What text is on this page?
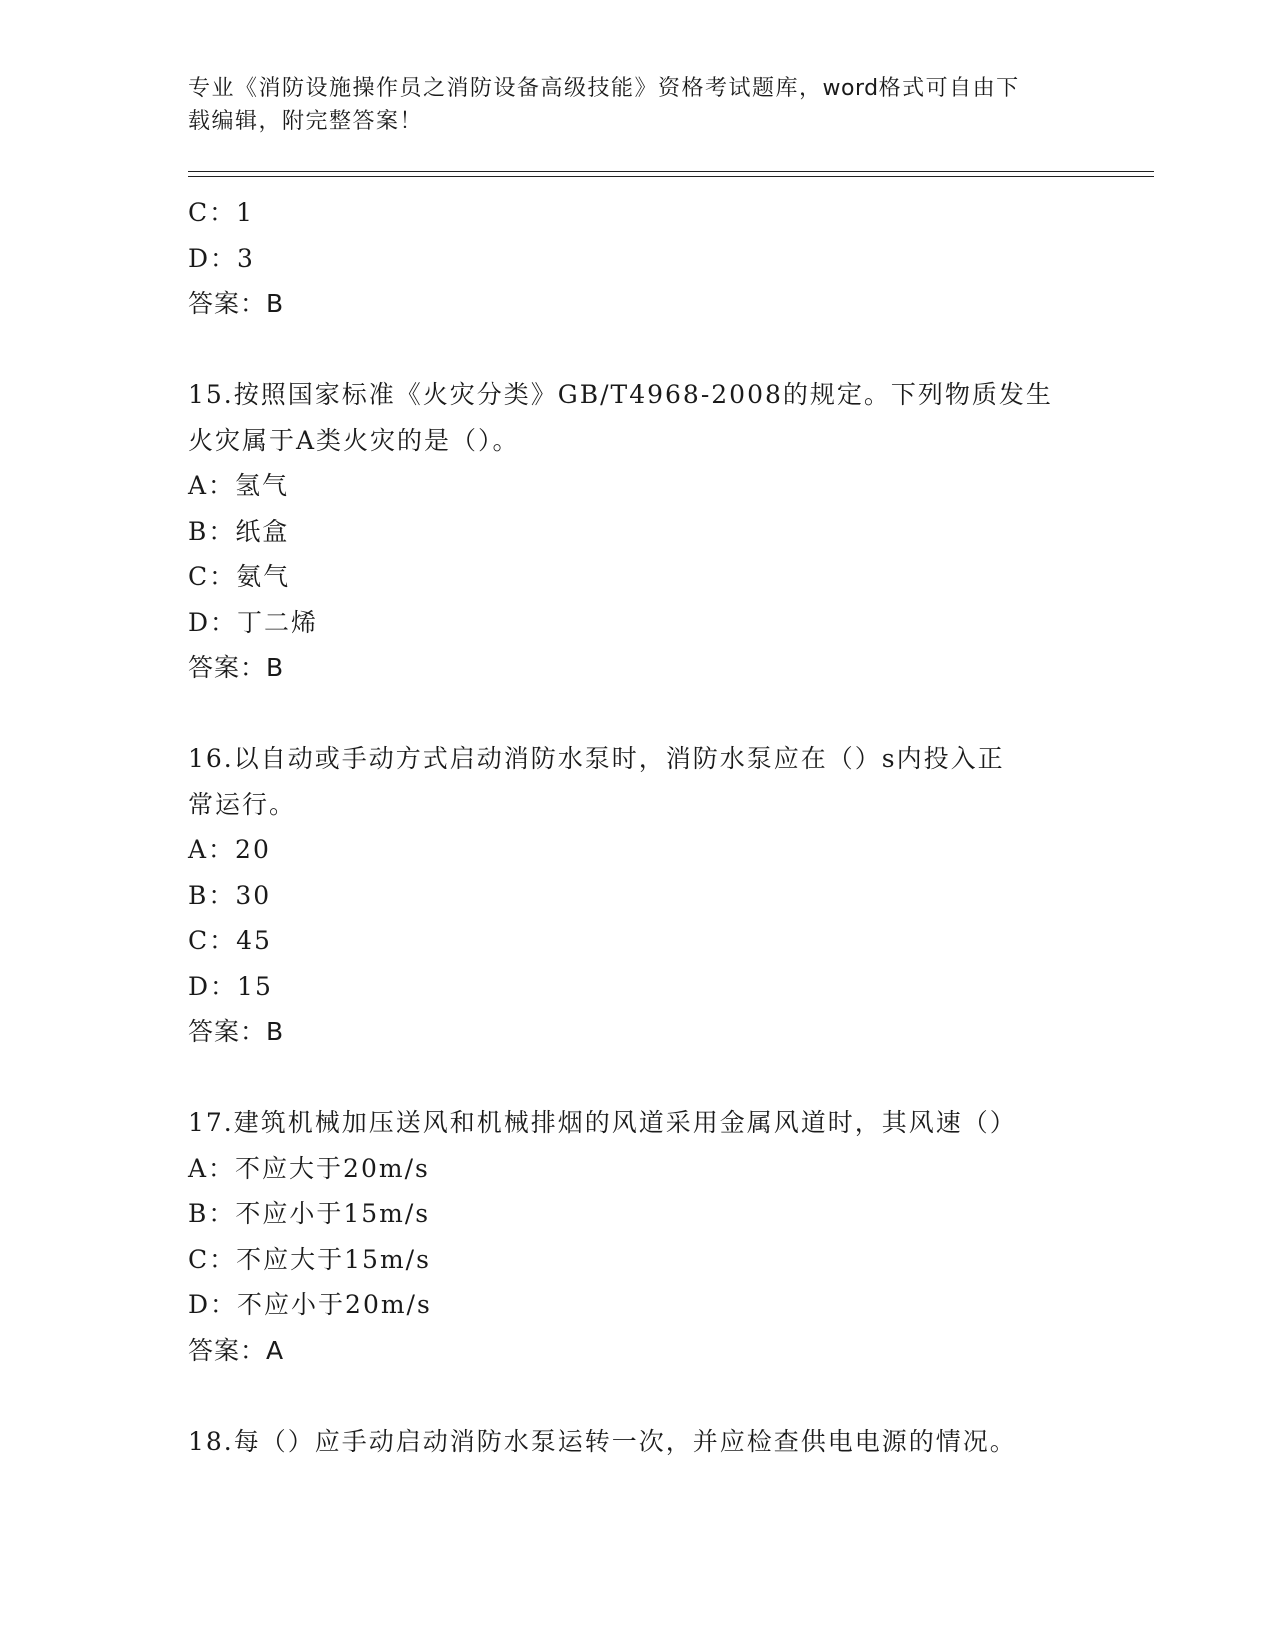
专业《消防设施操作员之消防设备高级技能》资格考试题库，word格式可自由下
载编辑，附完整答案！
C：1
D：3
答案：B
15.按照国家标准《火灾分类》GB/T4968-2008的规定。下列物质发生
火灾属于A类火灾的是（）。
A：氢气
B：纸盒
C：氨气
D：丁二烯
答案：B
16.以自动或手动方式启动消防水泵时，消防水泵应在（）s内投入正
常运行。
A：20
B：30
C：45
D：15
答案：B
17.建筑机械加压送风和机械排烟的风道采用金属风道时，其风速（）
A：不应大于20m/s
B：不应小于15m/s
C：不应大于15m/s
D：不应小于20m/s
答案：A
18.每（）应手动启动消防水泵运转一次，并应检查供电电源的情况。
